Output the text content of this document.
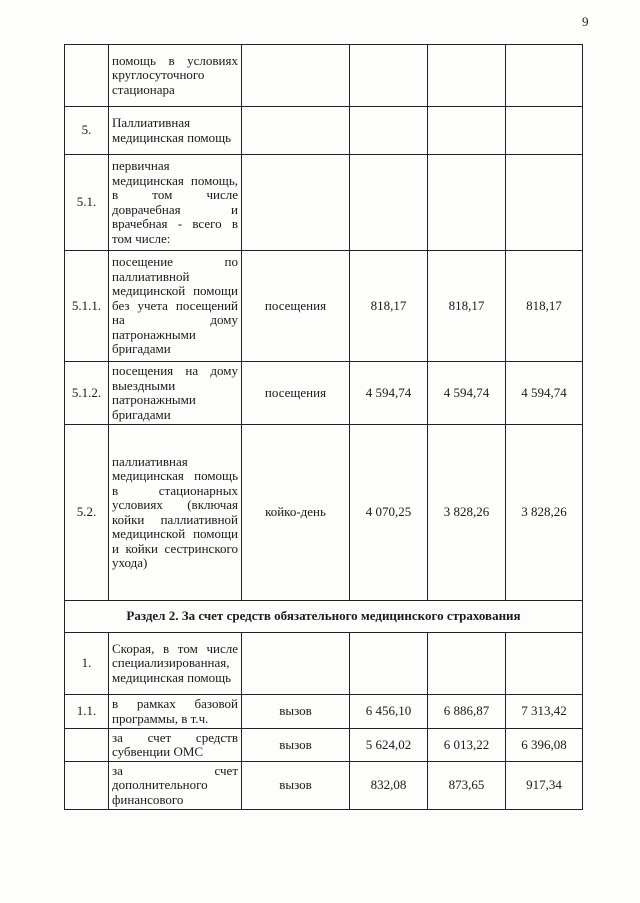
9
	помощь в условиях круглосуточного стационара				
5.	Паллиативная медицинская помощь				
5.1.	первичная медицинская помощь, в том числе доврачебная и врачебная - всего в том числе:				
5.1.1.	посещение по паллиативной медицинской помощи без учета посещений на дому патронажными бригадами	посещения	818,17	818,17	818,17
5.1.2.	посещения на дому выездными патронажными бригадами	посещения	4 594,74	4 594,74	4 594,74
5.2.	паллиативная медицинская помощь в стационарных условиях (включая койки паллиативной медицинской помощи и койки сестринского ухода)	койко-день	4 070,25	3 828,26	3 828,26
Раздел 2. За счет средств обязательного медицинского страхования					
1.	Скорая, в том числе специализированная, медицинская помощь				
1.1.	в рамках базовой программы, в т.ч.	вызов	6 456,10	6 886,87	7 313,42
	за счет средств субвенции ОМС	вызов	5 624,02	6 013,22	6 396,08
	за счет дополнительного финансового	вызов	832,08	873,65	917,34
